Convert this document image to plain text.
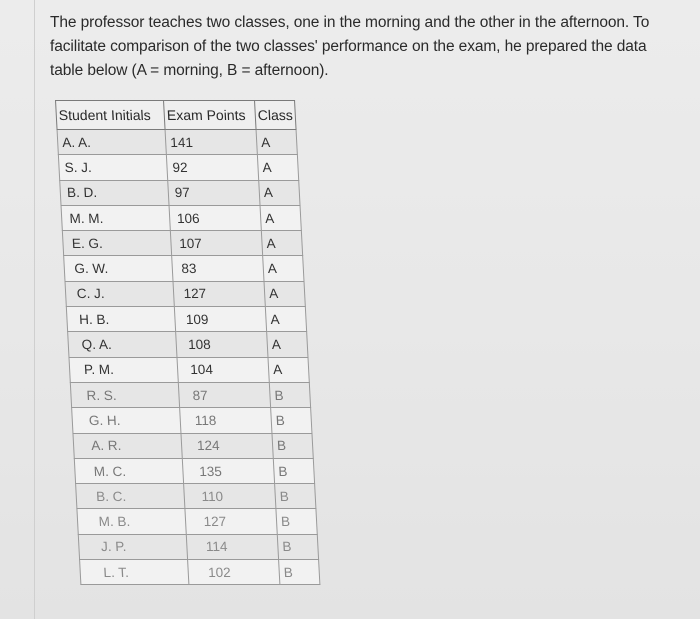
The professor teaches two classes, one in the morning and the other in the afternoon. To
facilitate comparison of the two classes' performance on the exam, he prepared the data
table below (A = morning, B = afternoon).
Student Initials	Exam Points	Class
A. A.	141	A
S. J.	92	A
B. D.	97	A
M. M.	106	A
E. G.	107	A
G. W.	83	A
C. J.	127	A
H. B.	109	A
Q. A.	108	A
P. M.	104	A
R. S.	87	B
G. H.	118	B
A. R.	124	B
M. C.	135	B
B. C.	110	B
M. B.	127	B
J. P.	114	B
L. T.	102	B
